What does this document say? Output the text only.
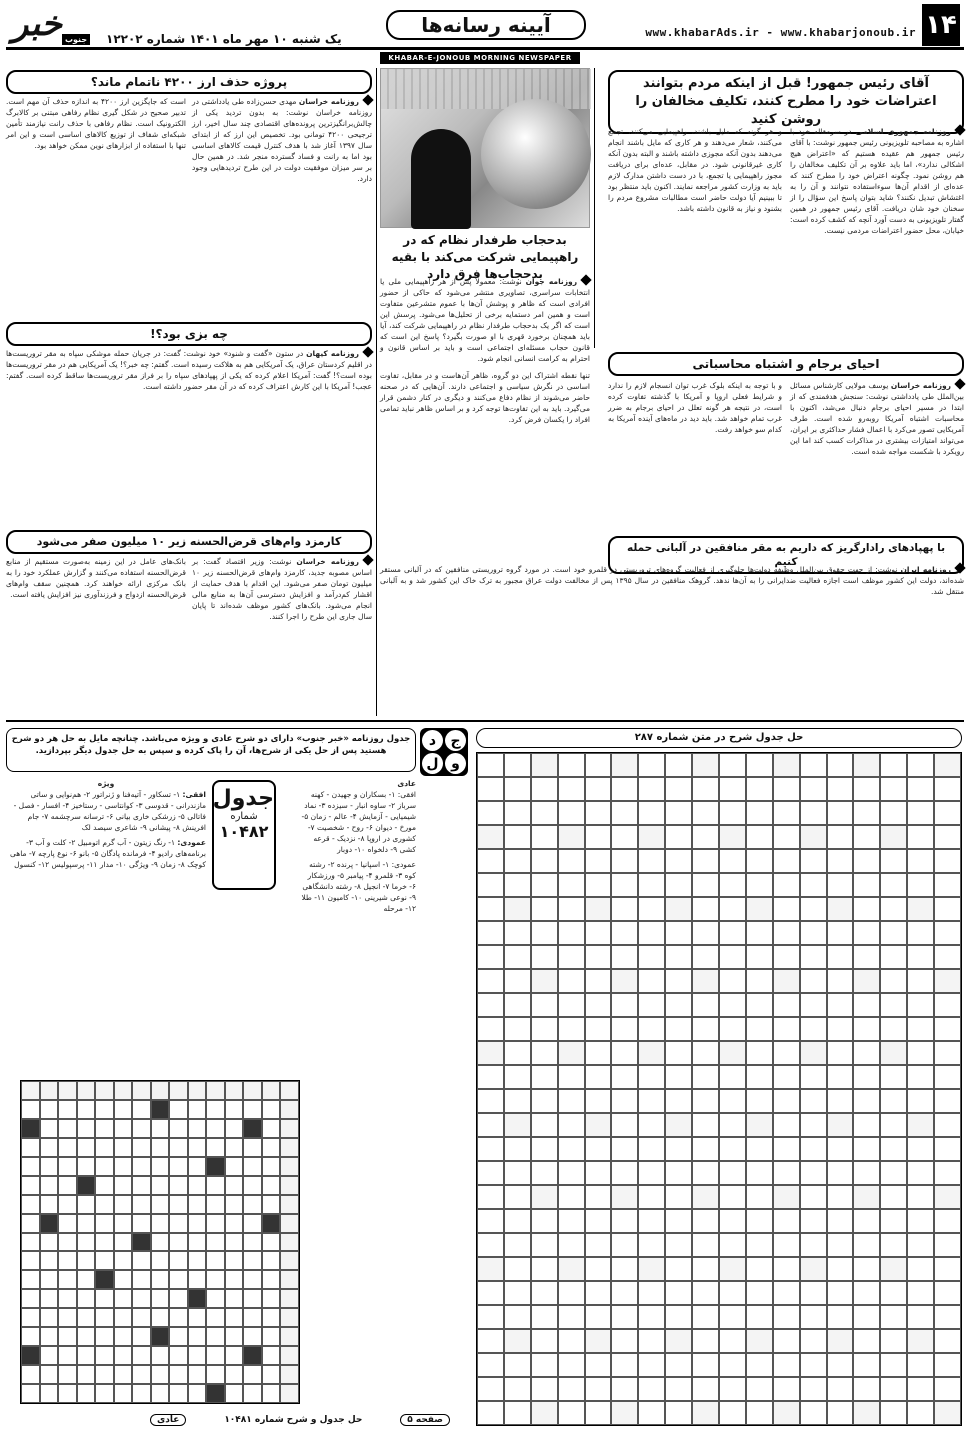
۱۴
www.khabarAds.ir - www.khabarjonoub.ir
آیینه رسانه‌ها
یک شنبه ۱۰ مهر ماه ۱۴۰۱ شماره ۱۲۲۰۲
خبر جنوب
KHABAR-E-JONOUB MORNING NEWSPAPER
آقای رئیس جمهور! قبل از اینکه مردم بتوانند اعتراضات خود را مطرح کنند، تکلیف مخالفان را روشن کنید
روزنامه جمهوری اسلامی در سرمقاله خود با اشاره به مصاحبه تلویزیونی رئیس جمهور نوشت: با آقای رئیس جمهور هم عقیده هستیم که «اعتراض هیچ اشکالی ندارد»، اما باید علاوه بر آن تکلیف مخالفان را هم روشن نمود. چگونه اعتراض خود را مطرح کنند که عده‌ای از اقدام آن‌ها سوءاستفاده نتوانند و آن را به اغتشاش تبدیل نکنند؟ شاید بتوان پاسخ این سؤال را از سخنان خود شان دریافت. آقای رئیس جمهور در همین گفتار تلویزیونی به دست آورد آنچه که کشف کرده است: خیابان، محل حضور اعتراضات مردمی نیست.
و هر گونه که مایل باشند، راهپیمایی می‌کنند، تجمع می‌کنند، شعار می‌دهند و هر کاری که مایل باشند انجام می‌دهند بدون آنکه مجوزی داشته باشند و البته بدون آنکه کاری غیرقانونی شود. در مقابل، عده‌ای برای دریافت مجوز راهپیمایی یا تجمع، با در دست داشتن مدارک لازم باید به وزارت کشور مراجعه نمایند. اکنون باید منتظر بود تا ببینیم آیا دولت حاضر است مطالبات مشروع مردم را بشنود و نیاز به قانون داشته باشد.
بدحجاب طرفدار نظام که در راهپیمایی شرکت می‌کند با بقیه بدحجاب‌ها فرق دارد
روزنامه جوان نوشت: معمولاً پس از هر راهپیمایی ملی یا انتخابات سراسری، تصاویری منتشر می‌شود که حاکی از حضور افرادی است که ظاهر و پوشش آن‌ها با عموم متشرعین متفاوت است و همین امر دستمایه برخی از تحلیل‌ها می‌شود. پرسش این است که اگر یک بدحجاب طرفدار نظام در راهپیمایی شرکت کند، آیا باید همچنان برخورد قهری با او صورت بگیرد؟ پاسخ این است که قانون حجاب مسئله‌ای اجتماعی است و باید بر اساس قانون و احترام به کرامت انسانی انجام شود.
تنها نقطه اشتراک این دو گروه، ظاهر آن‌هاست و در مقابل، تفاوت اساسی در نگرش سیاسی و اجتماعی دارند. آن‌هایی که در صحنه حاضر می‌شوند از نظام دفاع می‌کنند و دیگری در کنار دشمن قرار می‌گیرد. باید به این تفاوت‌ها توجه کرد و بر اساس ظاهر نباید تمامی افراد را یکسان فرض کرد.
احیای برجام و اشتباه محاسباتی
روزنامه خراسان یوسف مولایی کارشناس مسائل بین‌الملل طی یادداشتی نوشت: سنجش هدفمندی که از ابتدا در مسیر احیای برجام دنبال می‌شد، اکنون با محاسبات اشتباه آمریکا روبه‌رو شده است. طرف آمریکایی تصور می‌کرد با اعمال فشار حداکثری بر ایران، می‌تواند امتیازات بیشتری در مذاکرات کسب کند اما این رویکرد با شکست مواجه شده است.
و با توجه به اینکه بلوک غرب توان انسجام لازم را ندارد و شرایط فعلی اروپا و آمریکا با گذشته تفاوت کرده است، در نتیجه هر گونه تعلل در احیای برجام به ضرر غرب تمام خواهد شد. باید دید در ماه‌های آینده آمریکا به کدام سو خواهد رفت.
با پهپادهای رادارگریز که داریم به مقر منافقین در آلبانی حمله کنیم
روزنامه ایران نوشت: از جهت حقوق بین‌الملل وظیفه دولت‌ها جلوگیری از فعالیت گروه‌های تروریستی در قلمرو خود است. در مورد گروه تروریستی منافقین که در آلبانی مستقر شده‌اند، دولت این کشور موظف است اجازه فعالیت ضدایرانی را به آن‌ها ندهد. گروهک منافقین در سال ۱۳۹۵ پس از مخالفت دولت عراق مجبور به ترک خاک این کشور شد و به آلبانی منتقل شد.
پروژه حذف ارز ۴۲۰۰ ناتمام ماند؟
روزنامه خراسان مهدی حسن‌زاده طی یادداشتی در روزنامه خراسان نوشت: به بدون تردید یکی از چالش‌برانگیزترین پرونده‌های اقتصادی چند سال اخیر، ارز ترجیحی ۴۲۰۰ تومانی بود. تخصیص این ارز که از ابتدای سال ۱۳۹۷ آغاز شد با هدف کنترل قیمت کالاهای اساسی بود اما به رانت و فساد گسترده منجر شد. در همین حال بر سر میزان موفقیت دولت در این طرح تردیدهایی وجود دارد.
است که جایگزین ارز ۴۲۰۰ به اندازه حذف آن مهم است. تدبیر صحیح در شکل گیری نظام رفاهی مبتنی بر کالابرگ الکترونیک است. نظام رفاهی با حذف رانت نیازمند تأمین شبکه‌ای شفاف از توزیع کالاهای اساسی است و این امر تنها با استفاده از ابزارهای نوین ممکن خواهد بود.
چه بزی بود؟!
روزنامه کیهان در ستون «گفت و شنود» خود نوشت: گفت: در جریان حمله موشکی سپاه به مقر تروریست‌ها در اقلیم کردستان عراق، یک آمریکایی هم به هلاکت رسیده است. گفتم: چه خبر؟! یک آمریکایی هم در مقر تروریست‌ها بوده است؟! گفت: آمریکا اعلام کرده که یکی از پهپادهای سپاه را بر فراز مقر تروریست‌ها ساقط کرده است. گفتم: عجب! آمریکا با این کارش اعتراف کرده که در آن مقر حضور داشته است.
کارمزد وام‌های قرض‌الحسنه زیر ۱۰ میلیون صفر می‌شود
روزنامه خراسان نوشت: وزیر اقتصاد گفت: بر اساس مصوبه جدید، کارمزد وام‌های قرض‌الحسنه زیر ۱۰ میلیون تومان صفر می‌شود. این اقدام با هدف حمایت از اقشار کم‌درآمد و افزایش دسترسی آن‌ها به منابع مالی انجام می‌شود. بانک‌های کشور موظف شده‌اند تا پایان سال جاری این طرح را اجرا کنند.
بانک‌های عامل در این زمینه به‌صورت مستقیم از منابع قرض‌الحسنه استفاده می‌کنند و گزارش عملکرد خود را به بانک مرکزی ارائه خواهند کرد. همچنین سقف وام‌های قرض‌الحسنه ازدواج و فرزندآوری نیز افزایش یافته است.
ج
د
و
ل
جدول روزنامه «خبر جنوب» دارای دو شرح عادی و ویژه می‌باشد. چنانچه مایل به حل هر دو شرح هستید پس از حل یکی از شرح‌ها، آن را پاک کرده و سپس به حل جدول دیگر بپردازید.
عادی
افقی: ۱- بسکاران و جهیدن - کهنه سرباز ۲- ساوه انبار - سیزده ۳- نماد شیمیایی - آزمایش ۴- عالم - زمان ۵- مورخ - دیوان ۶- روح - شخصیت ۷- کشوری در اروپا ۸- نزدیک - قرعه کشی ۹- دلخواه ۱۰- دوبار
عمودی: ۱- اسپانیا - پرنده ۲- رشته کوه ۳- قلمرو ۴- پیامبر ۵- ورزشکار ۶- خرما ۷- انجیل ۸- رشته دانشگاهی ۹- نوعی شیرینی ۱۰- کامیون ۱۱- طلا ۱۲- مرحله
جدول
شماره
۱۰۴۸۲
ویژه
افقی: ۱- تسکاور - آتیه‌فنا و ژنراتور ۲- هم‌نوایی و ساتی مازندرانی - قدوسی ۳- کوانتاسی - رستاخیز ۴- افسار - فصل - فاتالی ۵- زرشکی خاری بیانی ۶- ترسانه سرچشمه ۷- جام افرینش ۸- پیشانی ۹- شاعری سیصد لک
عمودی: ۱- رنگ زیتون - آب گرم اتومبیل ۲- کلت و آب ۳- برنامه‌های رادیو ۴- فرمانده پادگان ۵- بانو ۶- نوع پارچه ۷- ماهی کوچک ۸- زمان ۹- ویژگی ۱۰- مدار ۱۱- پرسپولیس ۱۲- کنسول
صفحه ۵
حل جدول و شرح شماره ۱۰۴۸۱
عادی
حل جدول شرح در متن شماره ۲۸۷
